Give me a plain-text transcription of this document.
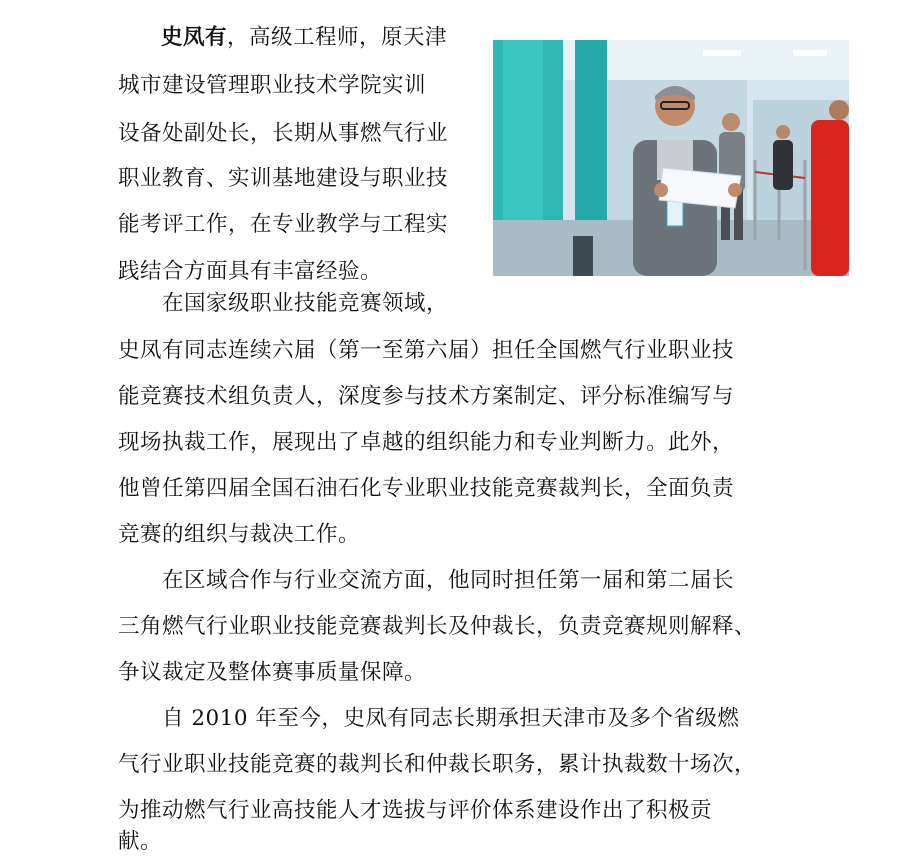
史凤有，高级工程师，原天津
城市建设管理职业技术学院实训
设备处副处长，长期从事燃气行业
职业教育、实训基地建设与职业技
能考评工作，在专业教学与工程实
践结合方面具有丰富经验。
　　在国家级职业技能竞赛领域，
史凤有同志连续六届（第一至第六届）担任全国燃气行业职业技
能竞赛技术组负责人，深度参与技术方案制定、评分标准编写与
现场执裁工作，展现出了卓越的组织能力和专业判断力。此外，
他曾任第四届全国石油石化专业职业技能竞赛裁判长，全面负责
竞赛的组织与裁决工作。
　　在区域合作与行业交流方面，他同时担任第一届和第二届长
三角燃气行业职业技能竞赛裁判长及仲裁长，负责竞赛规则解释、
争议裁定及整体赛事质量保障。
　　自 2010 年至今，史凤有同志长期承担天津市及多个省级燃
气行业职业技能竞赛的裁判长和仲裁长职务，累计执裁数十场次，
为推动燃气行业高技能人才选拔与评价体系建设作出了积极贡
献。
